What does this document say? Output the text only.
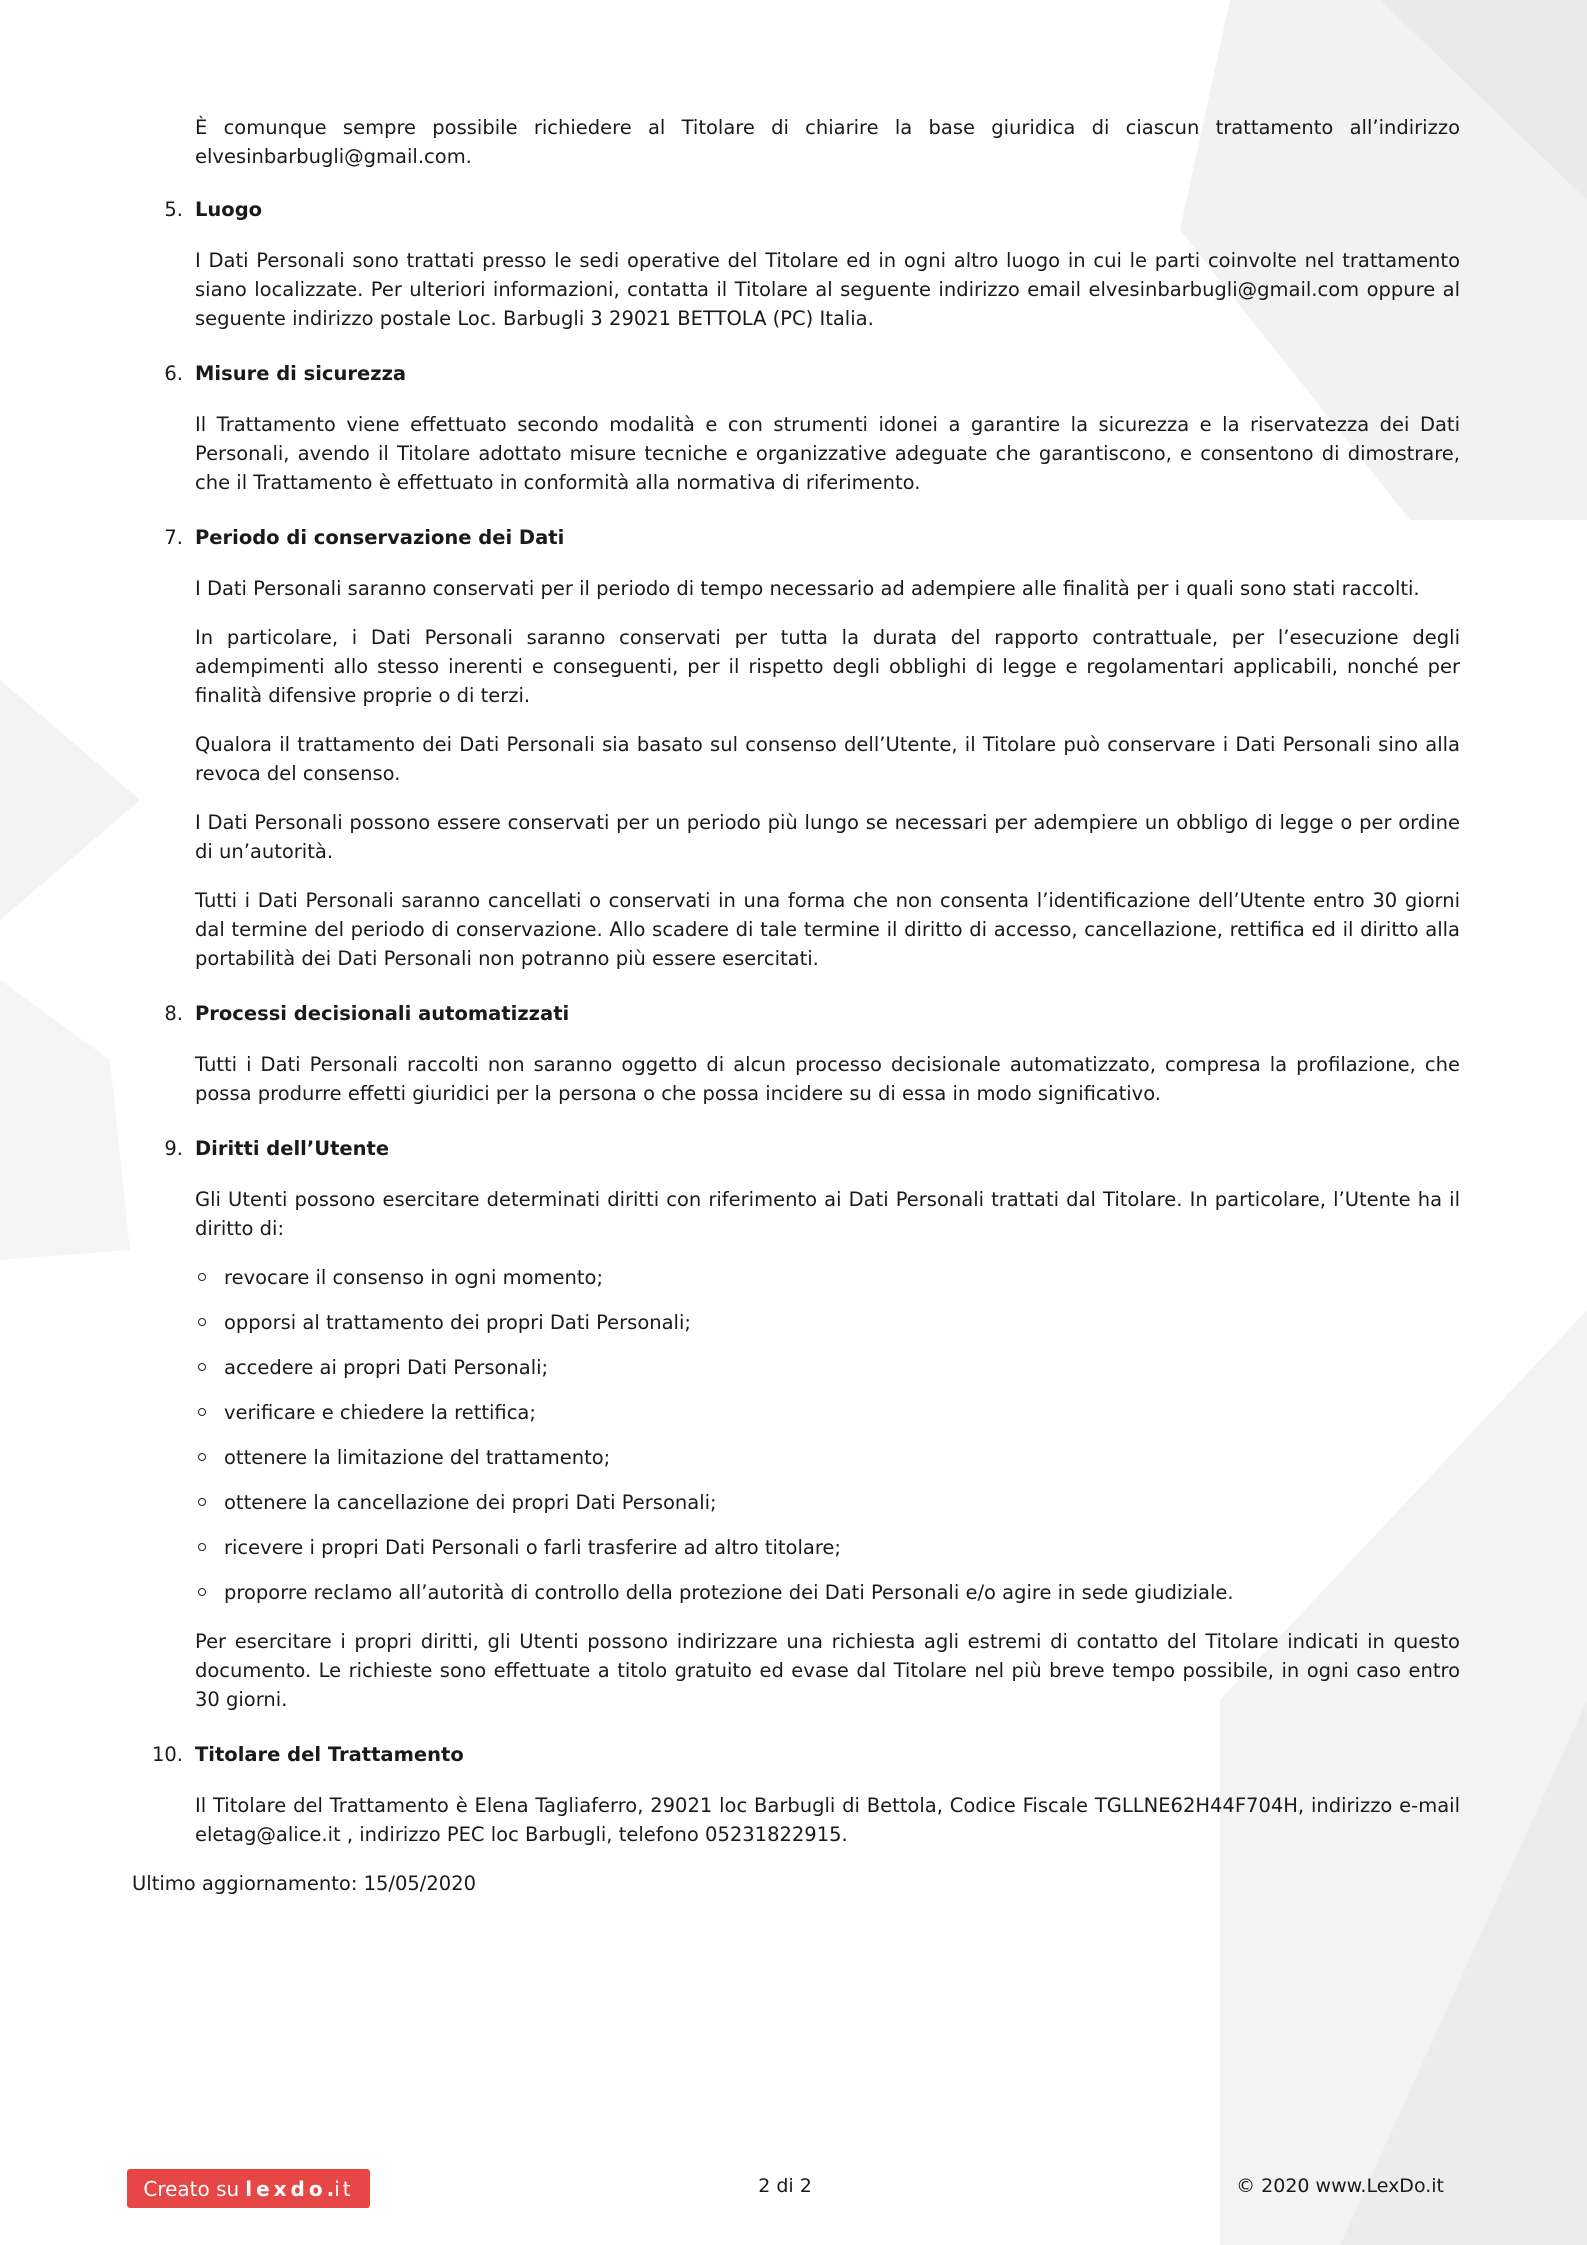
È comunque sempre possibile richiedere al Titolare di chiarire la base giuridica di ciascun trattamento all’indirizzo elvesinbarbugli@gmail.com.

5. Luogo

I Dati Personali sono trattati presso le sedi operative del Titolare ed in ogni altro luogo in cui le parti coinvolte nel trattamento siano localizzate. Per ulteriori informazioni, contatta il Titolare al seguente indirizzo email elvesinbarbugli@gmail.com oppure al seguente indirizzo postale Loc. Barbugli 3 29021 BETTOLA (PC) Italia.

6. Misure di sicurezza

Il Trattamento viene effettuato secondo modalità e con strumenti idonei a garantire la sicurezza e la riservatezza dei Dati Personali, avendo il Titolare adottato misure tecniche e organizzative adeguate che garantiscono, e consentono di dimostrare, che il Trattamento è effettuato in conformità alla normativa di riferimento.

7. Periodo di conservazione dei Dati

I Dati Personali saranno conservati per il periodo di tempo necessario ad adempiere alle finalità per i quali sono stati raccolti.

In particolare, i Dati Personali saranno conservati per tutta la durata del rapporto contrattuale, per l’esecuzione degli adempimenti allo stesso inerenti e conseguenti, per il rispetto degli obblighi di legge e regolamentari applicabili, nonché per finalità difensive proprie o di terzi.

Qualora il trattamento dei Dati Personali sia basato sul consenso dell’Utente, il Titolare può conservare i Dati Personali sino alla revoca del consenso.

I Dati Personali possono essere conservati per un periodo più lungo se necessari per adempiere un obbligo di legge o per ordine di un’autorità.

Tutti i Dati Personali saranno cancellati o conservati in una forma che non consenta l’identificazione dell’Utente entro 30 giorni dal termine del periodo di conservazione. Allo scadere di tale termine il diritto di accesso, cancellazione, rettifica ed il diritto alla portabilità dei Dati Personali non potranno più essere esercitati.

8. Processi decisionali automatizzati

Tutti i Dati Personali raccolti non saranno oggetto di alcun processo decisionale automatizzato, compresa la profilazione, che possa produrre effetti giuridici per la persona o che possa incidere su di essa in modo significativo.

9. Diritti dell’Utente

Gli Utenti possono esercitare determinati diritti con riferimento ai Dati Personali trattati dal Titolare. In particolare, l’Utente ha il diritto di:

revocare il consenso in ogni momento;
opporsi al trattamento dei propri Dati Personali;
accedere ai propri Dati Personali;
verificare e chiedere la rettifica;
ottenere la limitazione del trattamento;
ottenere la cancellazione dei propri Dati Personali;
ricevere i propri Dati Personali o farli trasferire ad altro titolare;
proporre reclamo all’autorità di controllo della protezione dei Dati Personali e/o agire in sede giudiziale.

Per esercitare i propri diritti, gli Utenti possono indirizzare una richiesta agli estremi di contatto del Titolare indicati in questo documento. Le richieste sono effettuate a titolo gratuito ed evase dal Titolare nel più breve tempo possibile, in ogni caso entro 30 giorni.

10. Titolare del Trattamento

Il Titolare del Trattamento è Elena Tagliaferro, 29021 loc Barbugli di Bettola, Codice Fiscale TGLLNE62H44F704H, indirizzo e-mail eletag@alice.it , indirizzo PEC loc Barbugli, telefono 05231822915.

Ultimo aggiornamento: 15/05/2020
Creato su lexdo.it	2 di 2	© 2020 www.LexDo.it
